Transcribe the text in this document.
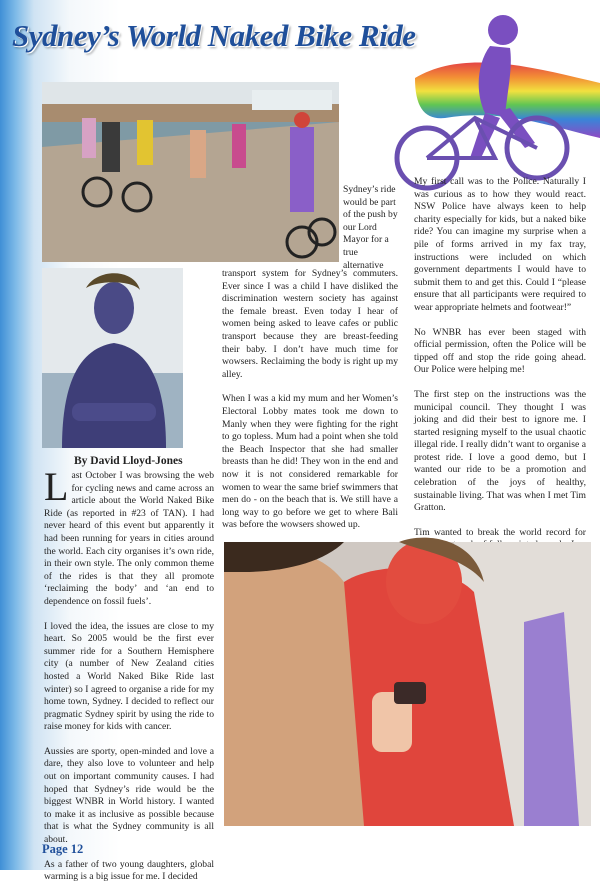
Sydney’s World Naked Bike Ride
By David Lloyd-Jones

L ast October I was browsing the web for cycling news and came across an article about the World Naked Bike Ride (as reported in #23 of TAN). I had never heard of this event but apparently it had been running for years in cities around the world. Each city organises it’s own ride, in their own style. The only common theme of the rides is that they all promote ‘reclaiming the body’ and ‘an end to dependence on fossil fuels’.

I loved the idea, the issues are close to my heart. So 2005 would be the first ever summer ride for a Southern Hemisphere city (a number of New Zealand cities hosted a World Naked Bike Ride last winter) so I agreed to organise a ride for my home town, Sydney. I decided to reflect our pragmatic Sydney spirit by using the ride to raise money for kids with cancer.

Aussies are sporty, open-minded and love a dare, they also love to volunteer and help out on important community causes. I had hoped that Sydney’s ride would be the biggest WNBR in World history. I wanted to make it as inclusive as possible because that is what the Sydney community is all about.

As a father of two young daughters, global warming is a big issue for me. I decided

Sydney’s ride would be part of the push by our Lord Mayor for a true alternative

transport system for Sydney’s commuters. Ever since I was a child I have disliked the discrimination western society has against the female breast. Even today I hear of women being asked to leave cafes or public transport because they are breast-feeding their baby. I don’t have much time for wowsers. Reclaiming the body is right up my alley.

When I was a kid my mum and her Women’s Electoral Lobby mates took me down to Manly when they were fighting for the right to go topless. Mum had a point when she told the Beach Inspector that she had smaller breasts than he did! They won in the end and now it is not considered remarkable for women to wear the same brief swimmers that men do - on the beach that is. We still have a long way to go before we get to where Bali was before the wowsers showed up.

My first call was to the Police. Naturally I was curious as to how they would react. NSW Police have always keen to help charity especially for kids, but a naked bike ride? You can imagine my surprise when a pile of forms arrived in my fax tray, instructions were included on which government departments I would have to submit them to and get this. Could I “please ensure that all participants were required to wear appropriate helmets and footwear!”

No WNBR has ever been staged with official permission, often the Police will be tipped off and stop the ride going ahead. Our Police were helping me!

The first step on the instructions was the municipal council. They thought I was joking and did their best to ignore me. I started resigning myself to the usual chaotic illegal ride. I really didn’t want to organise a protest ride. I love a good demo, but I wanted our ride to be a promotion and celebration of the joys of healthy, sustainable living. That was when I met Tim Gratton.

Tim wanted to break the world record for

Page 12
